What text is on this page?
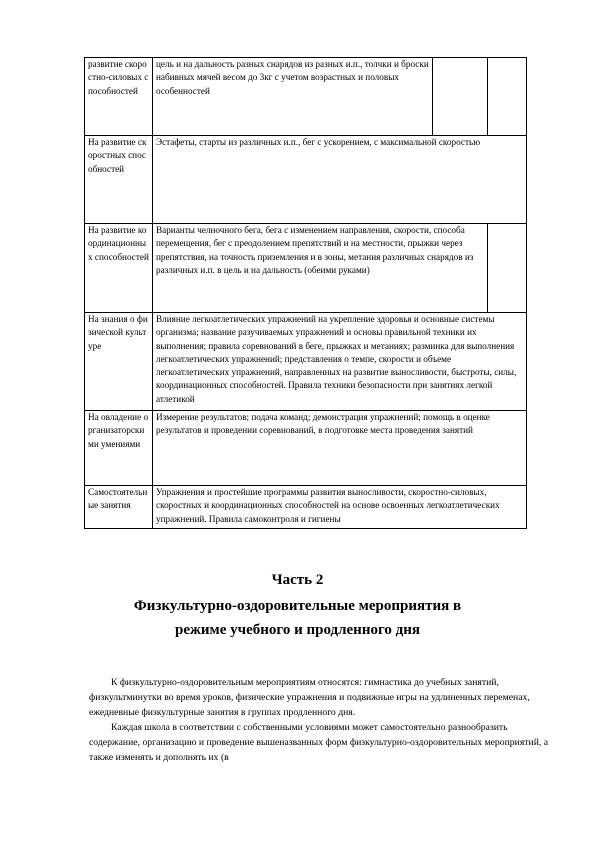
развитие скоростно-силовых способностей	цель и на дальность разных снарядов из разных и.п., толчки и броски набивных мячей весом до 3кг с учетом возрастных и половых особенностей		
На развитие скоростных способностей	Эстафеты, старты из различных и.п., бег с ускорением, с максимальной скоростью		
На развитие координационных способностей	Варианты челночного бега, бега с изменением направления, скорости, способа перемещения, бег с преодолением препятствий и на местности, прыжки через препятствия, на точность приземления и в зоны, метания различных снарядов из различных и.п. в цель и на дальность (обеими руками)		
На знания о физической культуре	Влияние легкоатлетических упражнений на укрепление здоровья и основные системы организма; название разучиваемых упражнений и основы правильной техники их выполнения; правила соревнований в беге, прыжках и метаниях; разминка для выполнения легкоатлетических упражнений; представления о темпе, скорости и объеме легкоатлетических упражнений, направленных на развитие выносливости, быстроты, силы, координационных способностей. Правила техники безопасности при занятиях легкой атлетикой		
На овладение организаторскими умениями	Измерение результатов; подача команд; демонстрация упражнений; помощь в оценке результатов и проведении соревнований, в подготовке места проведения занятий		
Самостоятельные занятия	Упражнения и простейшие программы развития выносливости, скоростно-силовых, скоростных и координационных способностей на основе освоенных легкоатлетических упражнений. Правила самоконтроля и гигиены		
Часть 2
Физкультурно-оздоровительные мероприятия в
режиме учебного и продленного дня

К физкультурно-оздоровительным мероприятиям относятся: гимнастика до учебных занятий, физкультминутки во время уроков, физические упражнения и подвижные игры на удлиненных переменах, ежедневные физкультурные занятия в группах продленного дня.

Каждая школа в соответствии с собственными условиями может самостоятельно разнообразить содержание, организацию и проведение вышеназванных форм физкультурно-оздоровительных мероприятий, а также изменять и дополнять их (в
